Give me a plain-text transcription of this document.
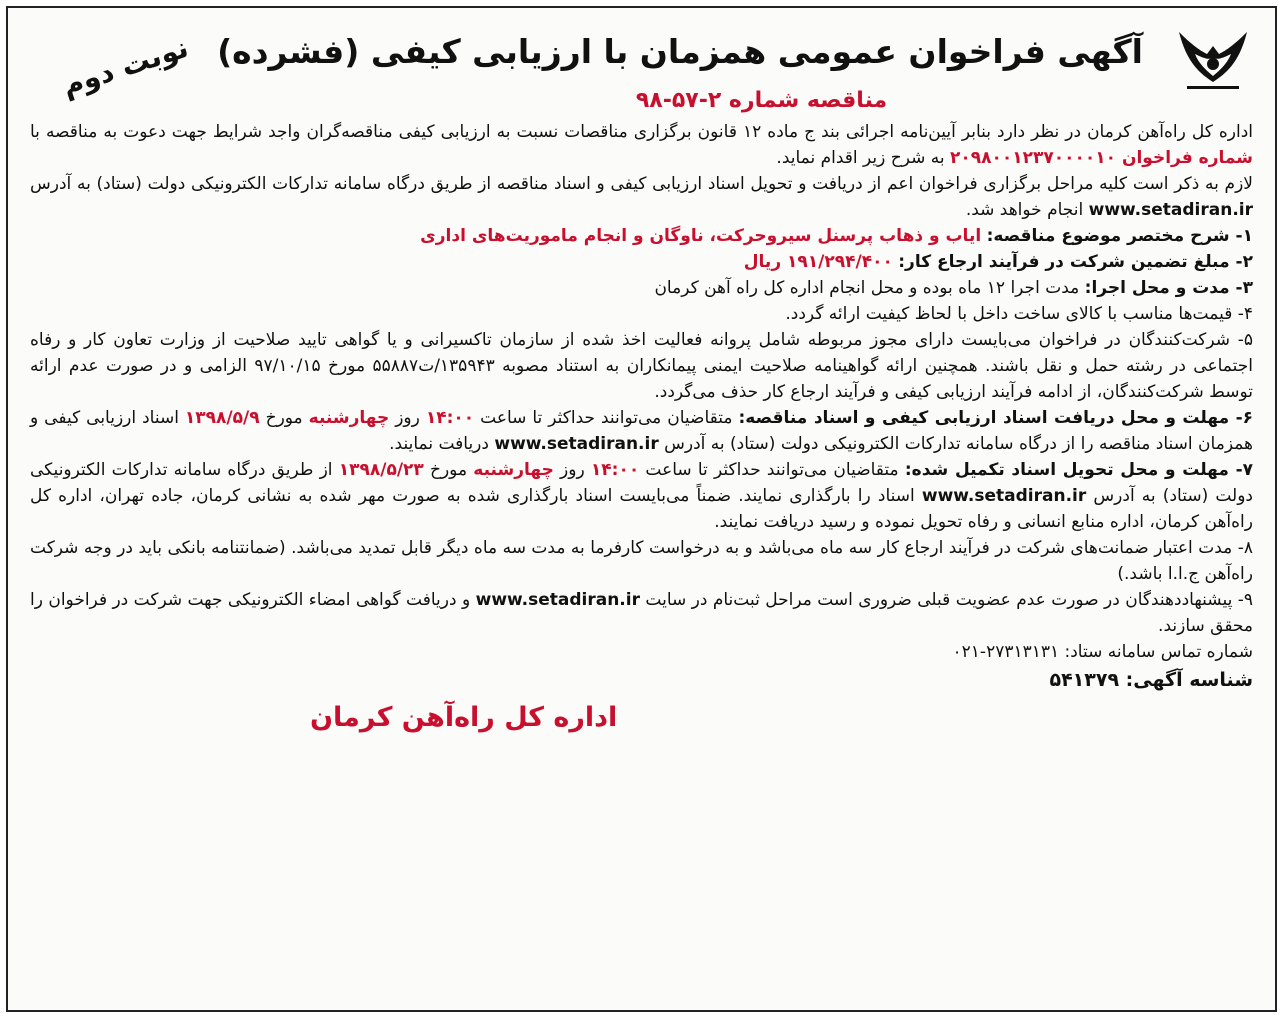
آگهی فراخوان عمومی همزمان با ارزیابی کیفی (فشرده)
نوبت دوم	مناقصه شماره ۲-۵۷-۹۸

اداره کل راه‌آهن کرمان در نظر دارد بنابر آیین‌نامه اجرائی بند ج ماده ۱۲ قانون برگزاری مناقصات نسبت به ارزیابی کیفی مناقصه‌گران واجد شرایط جهت دعوت به مناقصه با شماره فراخوان ۲۰۹۸۰۰۱۲۳۷۰۰۰۰۱۰ به شرح زیر اقدام نماید.

لازم به ذکر است کلیه مراحل برگزاری فراخوان اعم از دریافت و تحویل اسناد ارزیابی کیفی و اسناد مناقصه از طریق درگاه سامانه تدارکات الکترونیکی دولت (ستاد) به آدرس www.setadiran.ir انجام خواهد شد.

۱- شرح مختصر موضوع مناقصه: ایاب و ذهاب پرسنل سیروحرکت، ناوگان و انجام ماموریت‌های اداری

۲- مبلغ تضمین شرکت در فرآیند ارجاع کار: ۱۹۱/۲۹۴/۴۰۰ ریال

۳- مدت و محل اجرا: مدت اجرا ۱۲ ماه بوده و محل انجام اداره کل راه آهن کرمان

۴- قیمت‌ها مناسب با کالای ساخت داخل با لحاظ کیفیت ارائه گردد.

۵- شرکت‌کنندگان در فراخوان می‌بایست دارای مجوز مربوطه شامل پروانه فعالیت اخذ شده از سازمان تاکسیرانی و یا گواهی تایید صلاحیت از وزارت تعاون کار و رفاه اجتماعی در رشته حمل و نقل باشند. همچنین ارائه گواهینامه صلاحیت ایمنی پیمانکاران به استناد مصوبه ۱۳۵۹۴۳/ت۵۵۸۸۷ مورخ ۹۷/۱۰/۱۵ الزامی و در صورت عدم ارائه توسط شرکت‌کنندگان، از ادامه فرآیند ارزیابی کیفی و فرآیند ارجاع کار حذف می‌گردد.

۶- مهلت و محل دریافت اسناد ارزیابی کیفی و اسناد مناقصه: متقاضیان می‌توانند حداکثر تا ساعت ۱۴:۰۰ روز چهارشنبه مورخ ۱۳۹۸/۵/۹ اسناد ارزیابی کیفی و همزمان اسناد مناقصه را از درگاه سامانه تدارکات الکترونیکی دولت (ستاد) به آدرس www.setadiran.ir دریافت نمایند.

۷- مهلت و محل تحویل اسناد تکمیل شده: متقاضیان می‌توانند حداکثر تا ساعت ۱۴:۰۰ روز چهارشنبه مورخ ۱۳۹۸/۵/۲۳ از طریق درگاه سامانه تدارکات الکترونیکی دولت (ستاد) به آدرس www.setadiran.ir اسناد را بارگذاری نمایند. ضمناً می‌بایست اسناد بارگذاری شده به صورت مهر شده به نشانی کرمان، جاده تهران، اداره کل راه‌آهن کرمان، اداره منابع انسانی و رفاه تحویل نموده و رسید دریافت نمایند.

۸- مدت اعتبار ضمانت‌های شرکت در فرآیند ارجاع کار سه ماه می‌باشد و به درخواست کارفرما به مدت سه ماه دیگر قابل تمدید می‌باشد. (ضمانتنامه بانکی باید در وجه شرکت راه‌آهن ج.ا.ا باشد.)

۹- پیشنهاددهندگان در صورت عدم عضویت قبلی ضروری است مراحل ثبت‌نام در سایت www.setadiran.ir و دریافت گواهی امضاء الکترونیکی جهت شرکت در فراخوان را محقق سازند.

شماره تماس سامانه ستاد: ۲۷۳۱۳۱۳۱-۰۲۱

شناسه آگهی: ۵۴۱۳۷۹
اداره کل راه‌آهن کرمان
